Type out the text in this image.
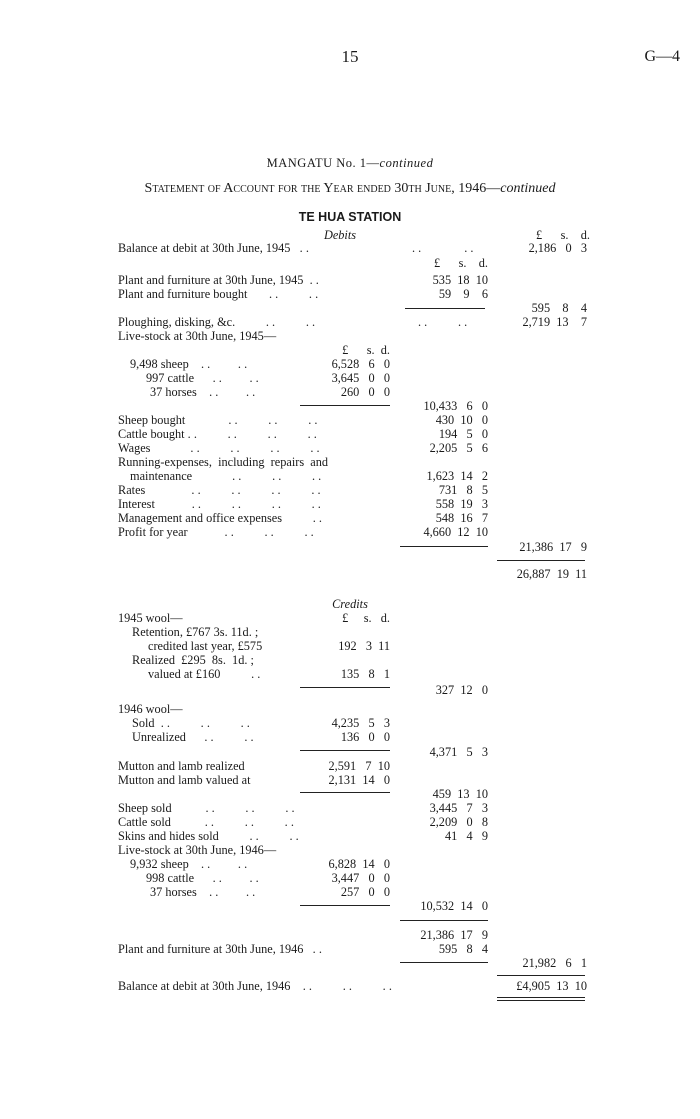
15	G—4
MANGATU No. 1—continued
Statement of Account for the Year ended 30th June, 1946—continued
TE HUA STATION
Debits	£      s.    d.
Balance at debit at 30th June, 1945   . .	. .              . .	2,186   0   3
£      s.    d.
Plant and furniture at 30th June, 1945  . .	535  18  10
Plant and furniture bought       . .          . .	59    9    6
595    8    4
Ploughing, disking, &c.          . .          . .	. .          . .	2,719  13    7
Live-stock at 30th June, 1945—
£      s.  d.
9,498 sheep    . .         . .	6,528   6   0
997 cattle      . .         . .	3,645   0   0
37 horses    . .         . .	260   0   0
10,433   6   0
Sheep bought              . .          . .          . .	430  10   0
Cattle bought . .          . .          . .          . .	194   5   0
Wages             . .          . .          . .          . .	2,205   5   6
Running-expenses,  including  repairs  and
maintenance             . .          . .          . .	1,623  14   2
Rates               . .          . .          . .          . .	731   8   5
Interest            . .          . .          . .          . .	558  19   3
Management and office expenses          . .	548  16   7
Profit for year            . .          . .          . .	4,660  12  10
21,386  17   9
26,887  19  11
Credits
£     s.   d.
1945 wool—
Retention, £767 3s. 11d. ;
credited last year, £575	192   3  11
Realized  £295  8s.  1d. ;
valued at £160          . .	135   8   1
327  12   0
1946 wool—
Sold  . .          . .          . .	4,235   5   3
Unrealized      . .          . .	136   0   0
4,371   5   3
Mutton and lamb realized	2,591   7  10
Mutton and lamb valued at	2,131  14   0
459  13  10
Sheep sold           . .          . .          . .	3,445   7   3
Cattle sold           . .          . .          . .	2,209   0   8
Skins and hides sold          . .          . .	41   4   9
Live-stock at 30th June, 1946—
9,932 sheep    . .         . .	6,828  14   0
998 cattle      . .         . .	3,447   0   0
37 horses    . .         . .	257   0   0
10,532  14   0
21,386  17   9
Plant and furniture at 30th June, 1946   . .	595   8   4
21,982   6   1
Balance at debit at 30th June, 1946    . .          . .          . .	£4,905  13  10
